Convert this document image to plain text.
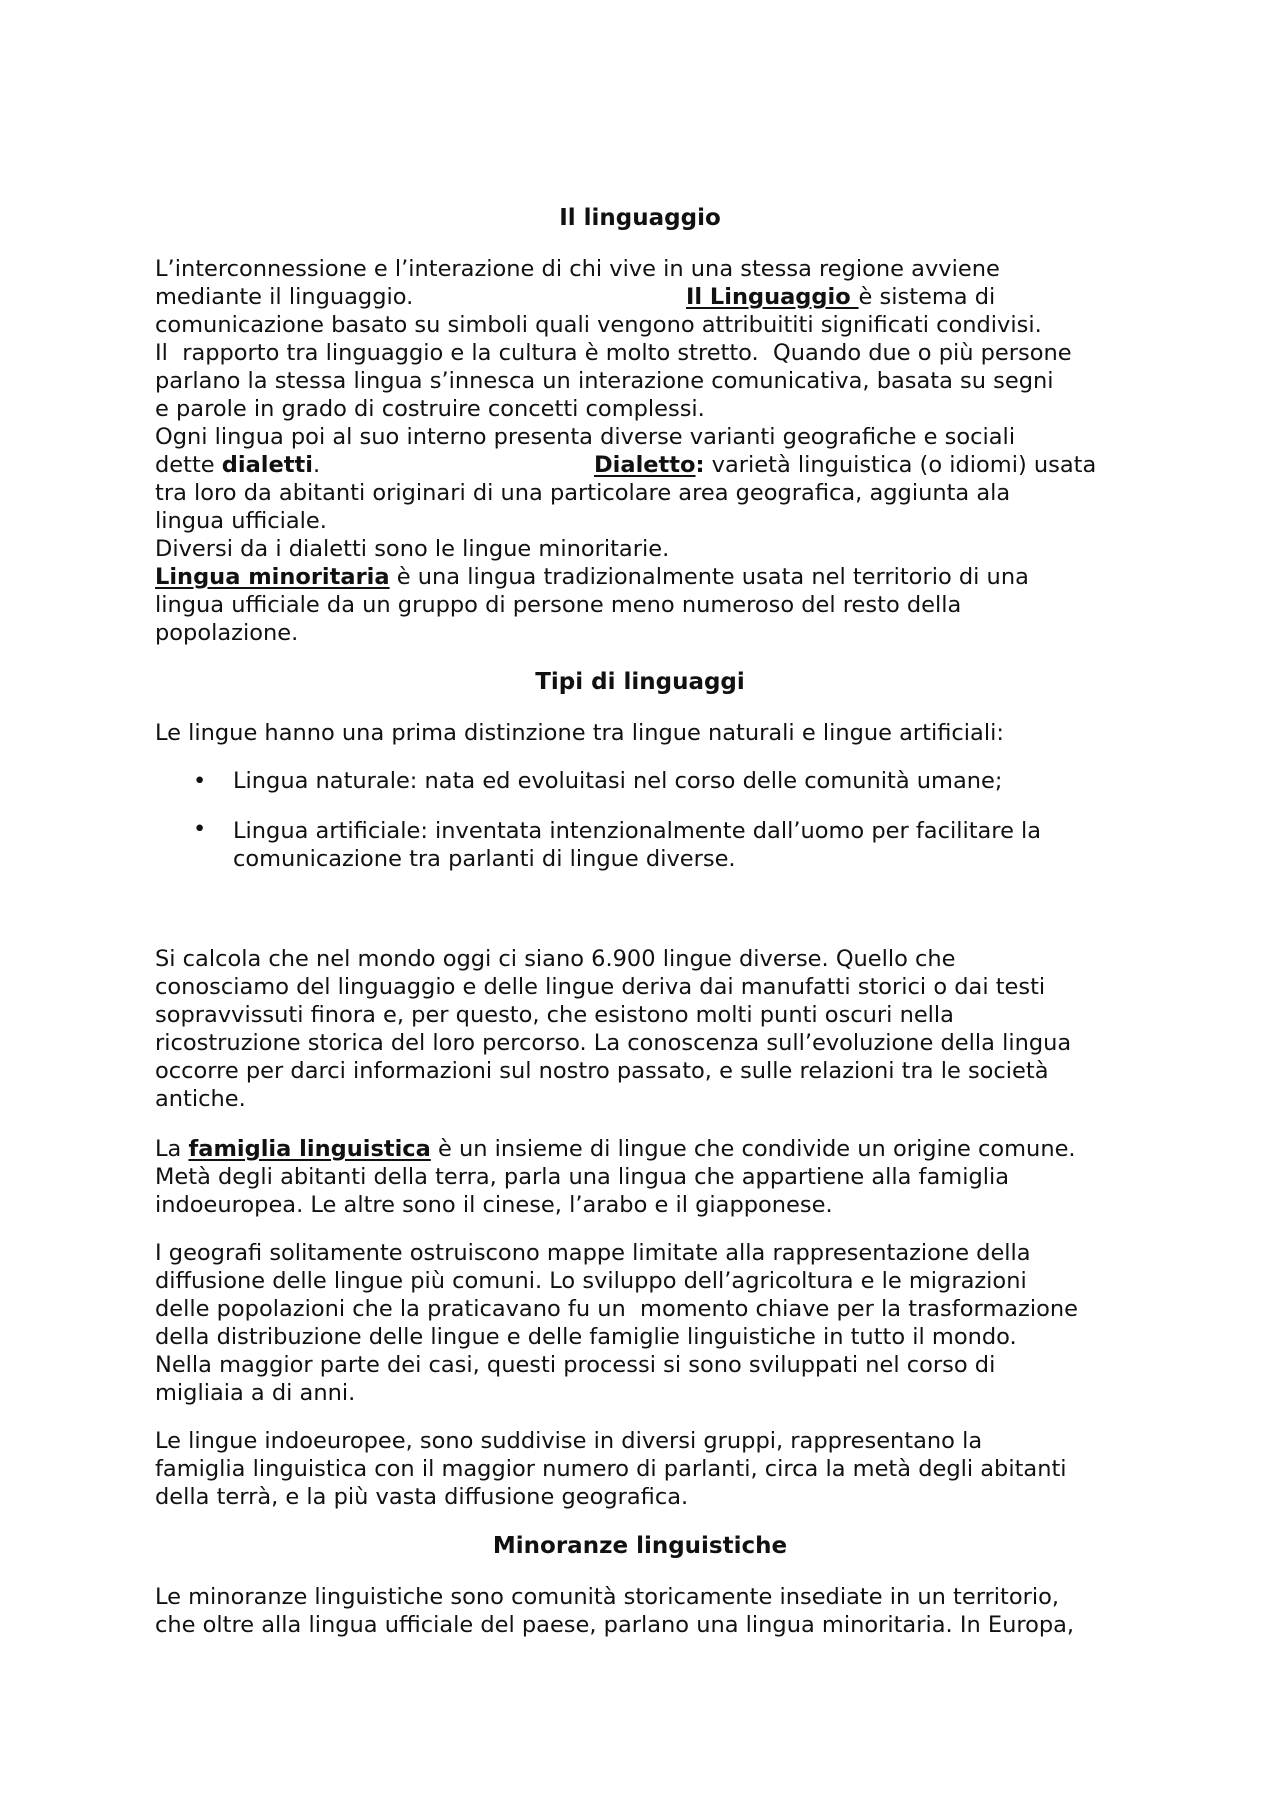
Il linguaggio

L’interconnessione e l’interazione di chi vive in una stessa regione avviene

mediante il linguaggio.	Il Linguaggio è sistema di

comunicazione basato su simboli quali vengono attribuititi significati condivisi.

Il  rapporto tra linguaggio e la cultura è molto stretto.  Quando due o più persone

parlano la stessa lingua s’innesca un interazione comunicativa, basata su segni

e parole in grado di costruire concetti complessi.

Ogni lingua poi al suo interno presenta diverse varianti geografiche e sociali

dette dialetti.	Dialetto: varietà linguistica (o idiomi) usata

tra loro da abitanti originari di una particolare area geografica, aggiunta ala

lingua ufficiale.

Diversi da i dialetti sono le lingue minoritarie.

Lingua minoritaria è una lingua tradizionalmente usata nel territorio di una

lingua ufficiale da un gruppo di persone meno numeroso del resto della

popolazione.

Tipi di linguaggi

Le lingue hanno una prima distinzione tra lingue naturali e lingue artificiali:

• Lingua naturale: nata ed evoluitasi nel corso delle comunità umane;

• Lingua artificiale: inventata intenzionalmente dall’uomo per facilitare la

comunicazione tra parlanti di lingue diverse.

Si calcola che nel mondo oggi ci siano 6.900 lingue diverse. Quello che

conosciamo del linguaggio e delle lingue deriva dai manufatti storici o dai testi

sopravvissuti finora e, per questo, che esistono molti punti oscuri nella

ricostruzione storica del loro percorso. La conoscenza sull’evoluzione della lingua

occorre per darci informazioni sul nostro passato, e sulle relazioni tra le società

antiche.

La famiglia linguistica è un insieme di lingue che condivide un origine comune.

Metà degli abitanti della terra, parla una lingua che appartiene alla famiglia

indoeuropea. Le altre sono il cinese, l’arabo e il giapponese.

I geografi solitamente ostruiscono mappe limitate alla rappresentazione della

diffusione delle lingue più comuni. Lo sviluppo dell’agricoltura e le migrazioni

delle popolazioni che la praticavano fu un  momento chiave per la trasformazione

della distribuzione delle lingue e delle famiglie linguistiche in tutto il mondo.

Nella maggior parte dei casi, questi processi si sono sviluppati nel corso di

migliaia a di anni.

Le lingue indoeuropee, sono suddivise in diversi gruppi, rappresentano la

famiglia linguistica con il maggior numero di parlanti, circa la metà degli abitanti

della terrà, e la più vasta diffusione geografica.

Minoranze linguistiche

Le minoranze linguistiche sono comunità storicamente insediate in un territorio,

che oltre alla lingua ufficiale del paese, parlano una lingua minoritaria. In Europa,
